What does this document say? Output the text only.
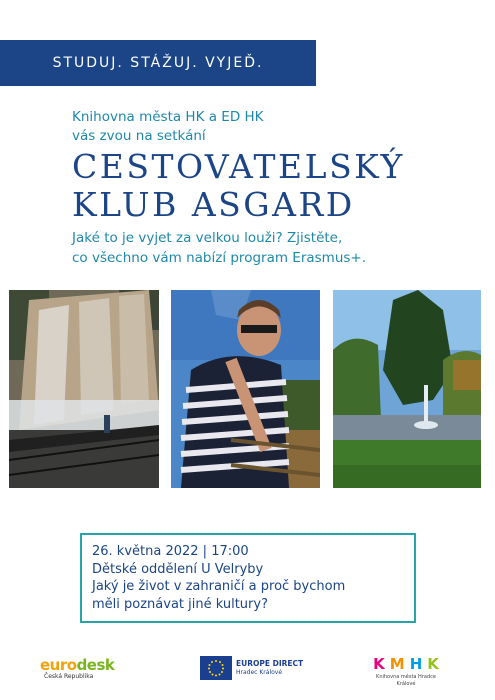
STUDUJ. STÁŽUJ. VYJEĎ.
Knihovna města HK a ED HK
vás zvou na setkání
CESTOVATELSKÝ
KLUB ASGARD
Jaké to je vyjet za velkou louži? Zjistěte,
co všechno vám nabízí program Erasmus+.
26. května 2022 | 17:00
Dětské oddělení U Velryby
Jaký je život v zahraničí a proč bychom
měli poznávat jiné kultury?
eurodesk
Česká Republika
EUROPE DIRECT
Hradec Králové	K M H K
Knihovna města Hradce Králové
